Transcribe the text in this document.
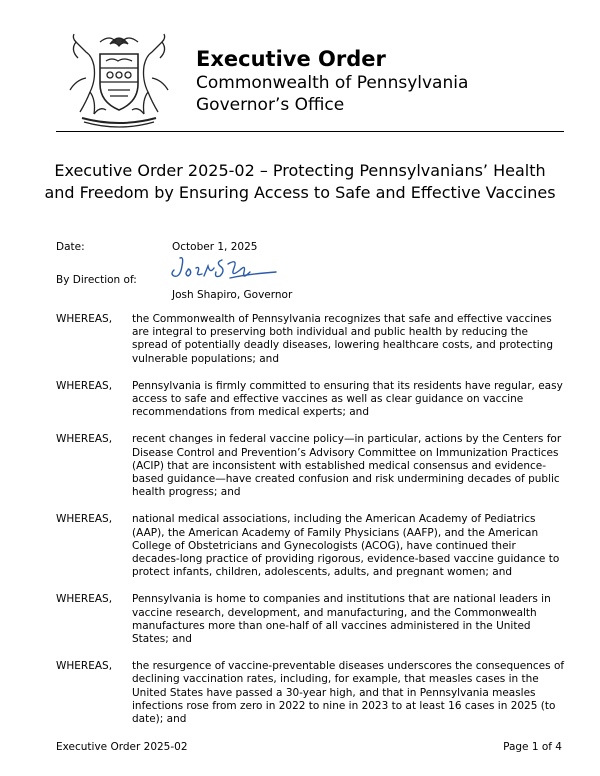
Executive Order
Commonwealth of Pennsylvania
Governor’s Office
Executive Order 2025-02 – Protecting Pennsylvanians’ Health and Freedom by Ensuring Access to Safe and Effective Vaccines
Date:	October 1, 2025
By Direction of:
Josh Shapiro, Governor
WHEREAS,	the Commonwealth of Pennsylvania recognizes that safe and effective vaccines are integral to preserving both individual and public health by reducing the spread of potentially deadly diseases, lowering healthcare costs, and protecting vulnerable populations; and
WHEREAS,	Pennsylvania is firmly committed to ensuring that its residents have regular, easy access to safe and effective vaccines as well as clear guidance on vaccine recommendations from medical experts; and
WHEREAS,	recent changes in federal vaccine policy—in particular, actions by the Centers for Disease Control and Prevention’s Advisory Committee on Immunization Practices (ACIP) that are inconsistent with established medical consensus and evidence-based guidance—have created confusion and risk undermining decades of public health progress; and
WHEREAS,	national medical associations, including the American Academy of Pediatrics (AAP), the American Academy of Family Physicians (AAFP), and the American College of Obstetricians and Gynecologists (ACOG), have continued their decades-long practice of providing rigorous, evidence-based vaccine guidance to protect infants, children, adolescents, adults, and pregnant women; and
WHEREAS,	Pennsylvania is home to companies and institutions that are national leaders in vaccine research, development, and manufacturing, and the Commonwealth manufactures more than one-half of all vaccines administered in the United States; and
WHEREAS,	the resurgence of vaccine-preventable diseases underscores the consequences of declining vaccination rates, including, for example, that measles cases in the United States have passed a 30-year high, and that in Pennsylvania measles infections rose from zero in 2022 to nine in 2023 to at least 16 cases in 2025 (to date); and
Executive Order 2025-02	Page 1 of 4
